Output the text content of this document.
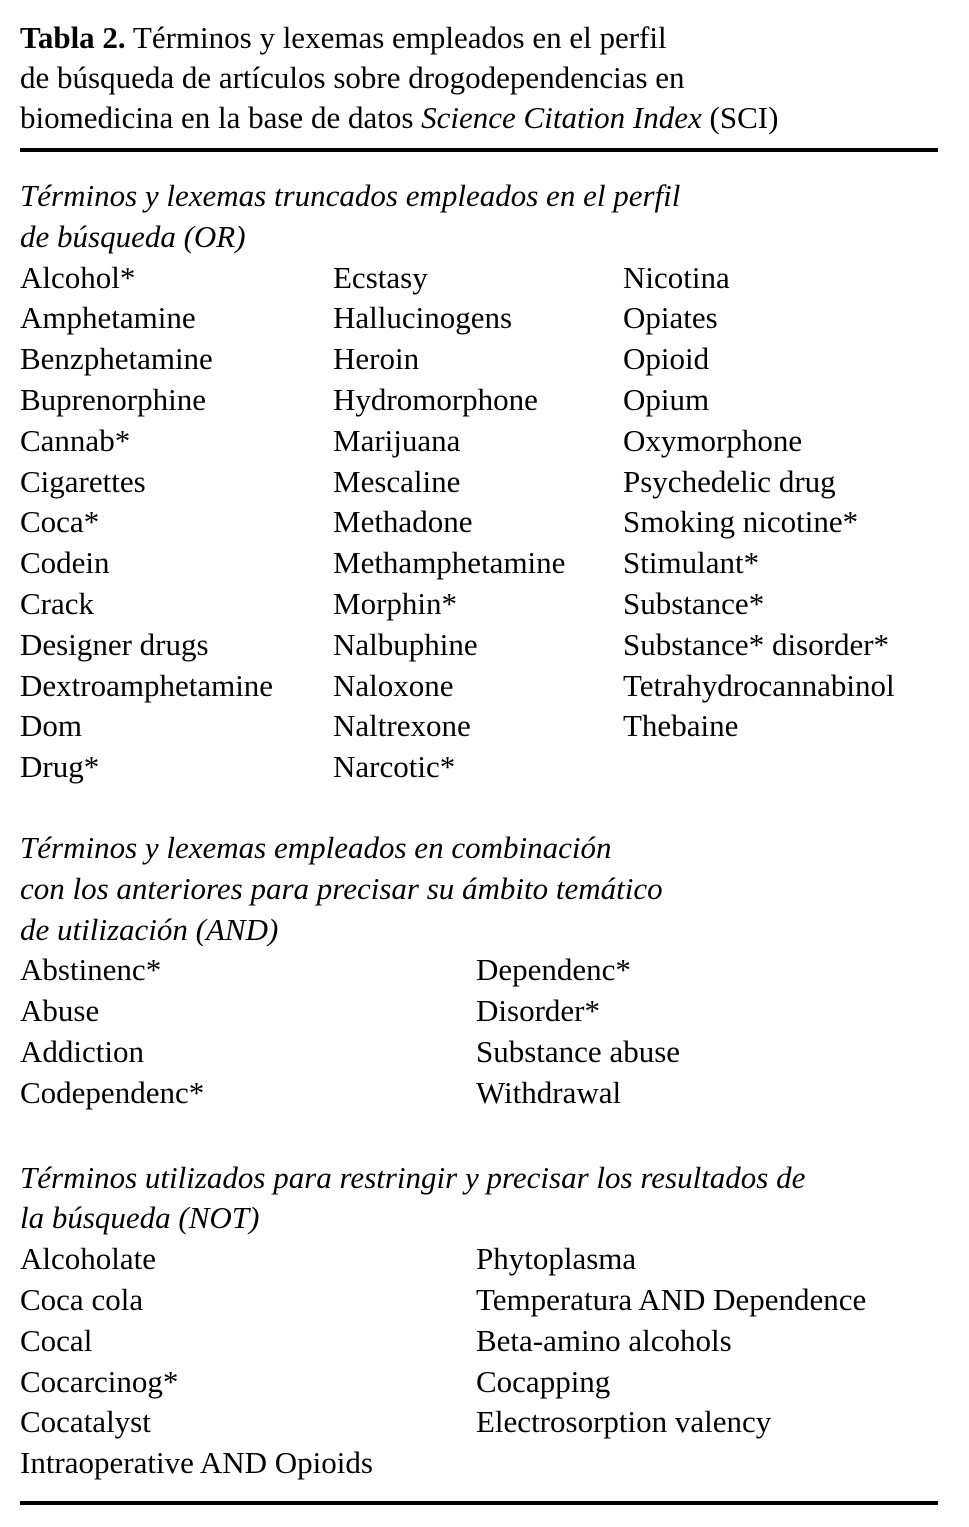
Tabla 2. Términos y lexemas empleados en el perfil
de búsqueda de artículos sobre drogodependencias en
biomedicina en la base de datos Science Citation Index (SCI)
Términos y lexemas truncados empleados en el perfil
de búsqueda (OR)
Alcohol*
Amphetamine
Benzphetamine
Buprenorphine
Cannab*
Cigarettes
Coca*
Codein
Crack
Designer drugs
Dextroamphetamine
Dom
Drug*
Ecstasy
Hallucinogens
Heroin
Hydromorphone
Marijuana
Mescaline
Methadone
Methamphetamine
Morphin*
Nalbuphine
Naloxone
Naltrexone
Narcotic*
Nicotina
Opiates
Opioid
Opium
Oxymorphone
Psychedelic drug
Smoking nicotine*
Stimulant*
Substance*
Substance* disorder*
Tetrahydrocannabinol
Thebaine
Términos y lexemas empleados en combinación
con los anteriores para precisar su ámbito temático
de utilización (AND)
Abstinenc*
Abuse
Addiction
Codependenc*
Dependenc*
Disorder*
Substance abuse
Withdrawal
Términos utilizados para restringir y precisar los resultados de
la búsqueda (NOT)
Alcoholate
Coca cola
Cocal
Cocarcinog*
Cocatalyst
Intraoperative AND Opioids
Phytoplasma
Temperatura AND Dependence
Beta-amino alcohols
Cocapping
Electrosorption valency
